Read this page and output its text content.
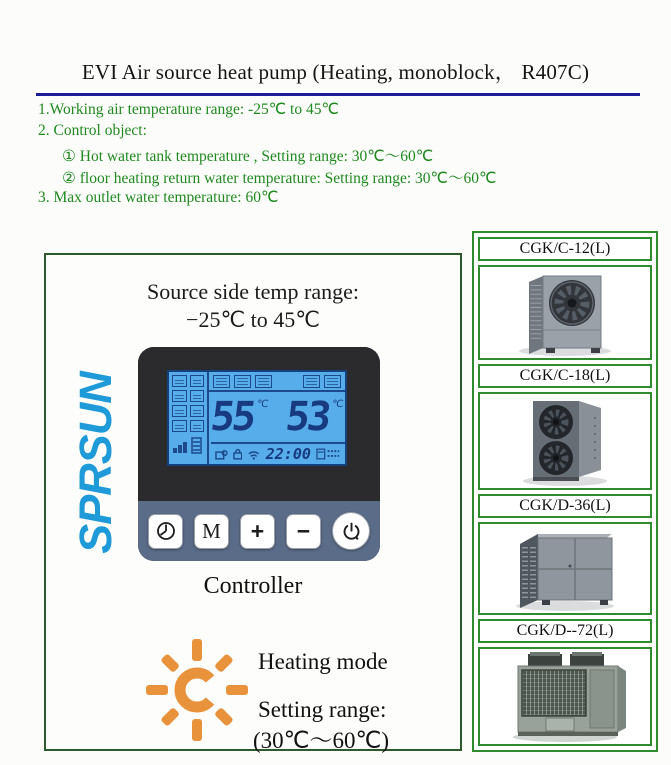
EVI Air source heat pump (Heating, monoblock， R407C)
1.Working air temperature range: -25℃ to 45℃
2. Control object:
① Hot water tank temperature , Setting range: 30℃～60℃
② floor heating return water temperature: Setting range: 30℃～60℃
3. Max outlet water temperature: 60℃
Source side temp range:
−25℃ to 45℃
SPRSUN 55 ℃ 53 ℃
22:00
M	+	−
Controller
Heating mode
Setting range:
(30℃～60℃)
CGK/C-12(L)
CGK/C-18(L)
CGK/D-36(L)
CGK/D--72(L)
